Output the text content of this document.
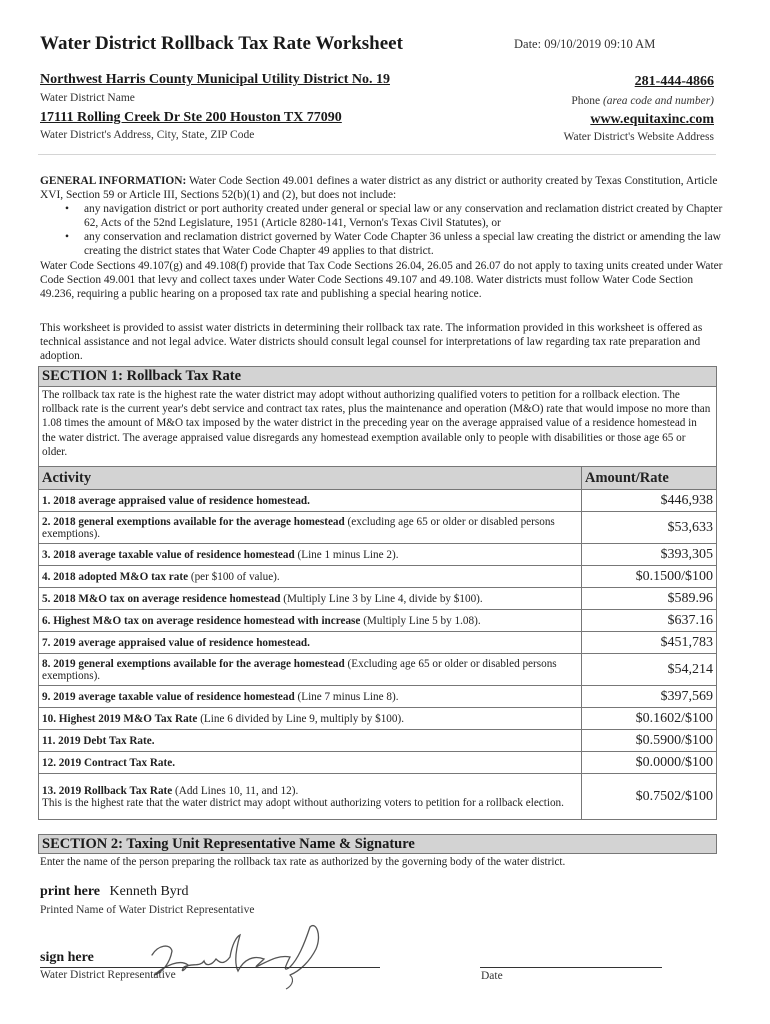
Water District Rollback Tax Rate Worksheet	Date: 09/10/2019 09:10 AM
Northwest Harris County Municipal Utility District No. 19
Water District Name
17111 Rolling Creek Dr Ste 200 Houston TX 77090
Water District's Address, City, State, ZIP Code
281-444-4866
Phone (area code and number)
www.equitaxinc.com
Water District's Website Address
GENERAL INFORMATION: Water Code Section 49.001 defines a water district as any district or authority created by Texas Constitution, Article XVI, Section 59 or Article III, Sections 52(b)(1) and (2), but does not include:
• any navigation district or port authority created under general or special law or any conservation and reclamation district created by Chapter 62, Acts of the 52nd Legislature, 1951 (Article 8280-141, Vernon's Texas Civil Statutes), or
• any conservation and reclamation district governed by Water Code Chapter 36 unless a special law creating the district or amending the law creating the district states that Water Code Chapter 49 applies to that district.
Water Code Sections 49.107(g) and 49.108(f) provide that Tax Code Sections 26.04, 26.05 and 26.07 do not apply to taxing units created under Water Code Section 49.001 that levy and collect taxes under Water Code Sections 49.107 and 49.108. Water districts must follow Water Code Section 49.236, requiring a public hearing on a proposed tax rate and publishing a special hearing notice.
This worksheet is provided to assist water districts in determining their rollback tax rate. The information provided in this worksheet is offered as technical assistance and not legal advice. Water districts should consult legal counsel for interpretations of law regarding tax rate preparation and adoption.
SECTION 1: Rollback Tax Rate
The rollback tax rate is the highest rate the water district may adopt without authorizing qualified voters to petition for a rollback election. The rollback rate is the current year's debt service and contract tax rates, plus the maintenance and operation (M&O) rate that would impose no more than 1.08 times the amount of M&O tax imposed by the water district in the preceding year on the average appraised value of a residence homestead in the water district. The average appraised value disregards any homestead exemption available only to people with disabilities or those age 65 or older.
Activity	Amount/Rate
1. 2018 average appraised value of residence homestead.	$446,938
2. 2018 general exemptions available for the average homestead (excluding age 65 or older or disabled persons exemptions).	$53,633
3. 2018 average taxable value of residence homestead (Line 1 minus Line 2).	$393,305
4. 2018 adopted M&O tax rate (per $100 of value).	$0.1500/$100
5. 2018 M&O tax on average residence homestead (Multiply Line 3 by Line 4, divide by $100).	$589.96
6. Highest M&O tax on average residence homestead with increase (Multiply Line 5 by 1.08).	$637.16
7. 2019 average appraised value of residence homestead.	$451,783
8. 2019 general exemptions available for the average homestead (Excluding age 65 or older or disabled persons exemptions).	$54,214
9. 2019 average taxable value of residence homestead (Line 7 minus Line 8).	$397,569
10. Highest 2019 M&O Tax Rate (Line 6 divided by Line 9, multiply by $100).	$0.1602/$100
11. 2019 Debt Tax Rate.	$0.5900/$100
12. 2019 Contract Tax Rate.	$0.0000/$100
13. 2019 Rollback Tax Rate (Add Lines 10, 11, and 12).
This is the highest rate that the water district may adopt without authorizing voters to petition for a rollback election.	$0.7502/$100
SECTION 2: Taxing Unit Representative Name & Signature
Enter the name of the person preparing the rollback tax rate as authorized by the governing body of the water district.
print here Kenneth Byrd
Printed Name of Water District Representative
sign here
Water District Representative	Date
